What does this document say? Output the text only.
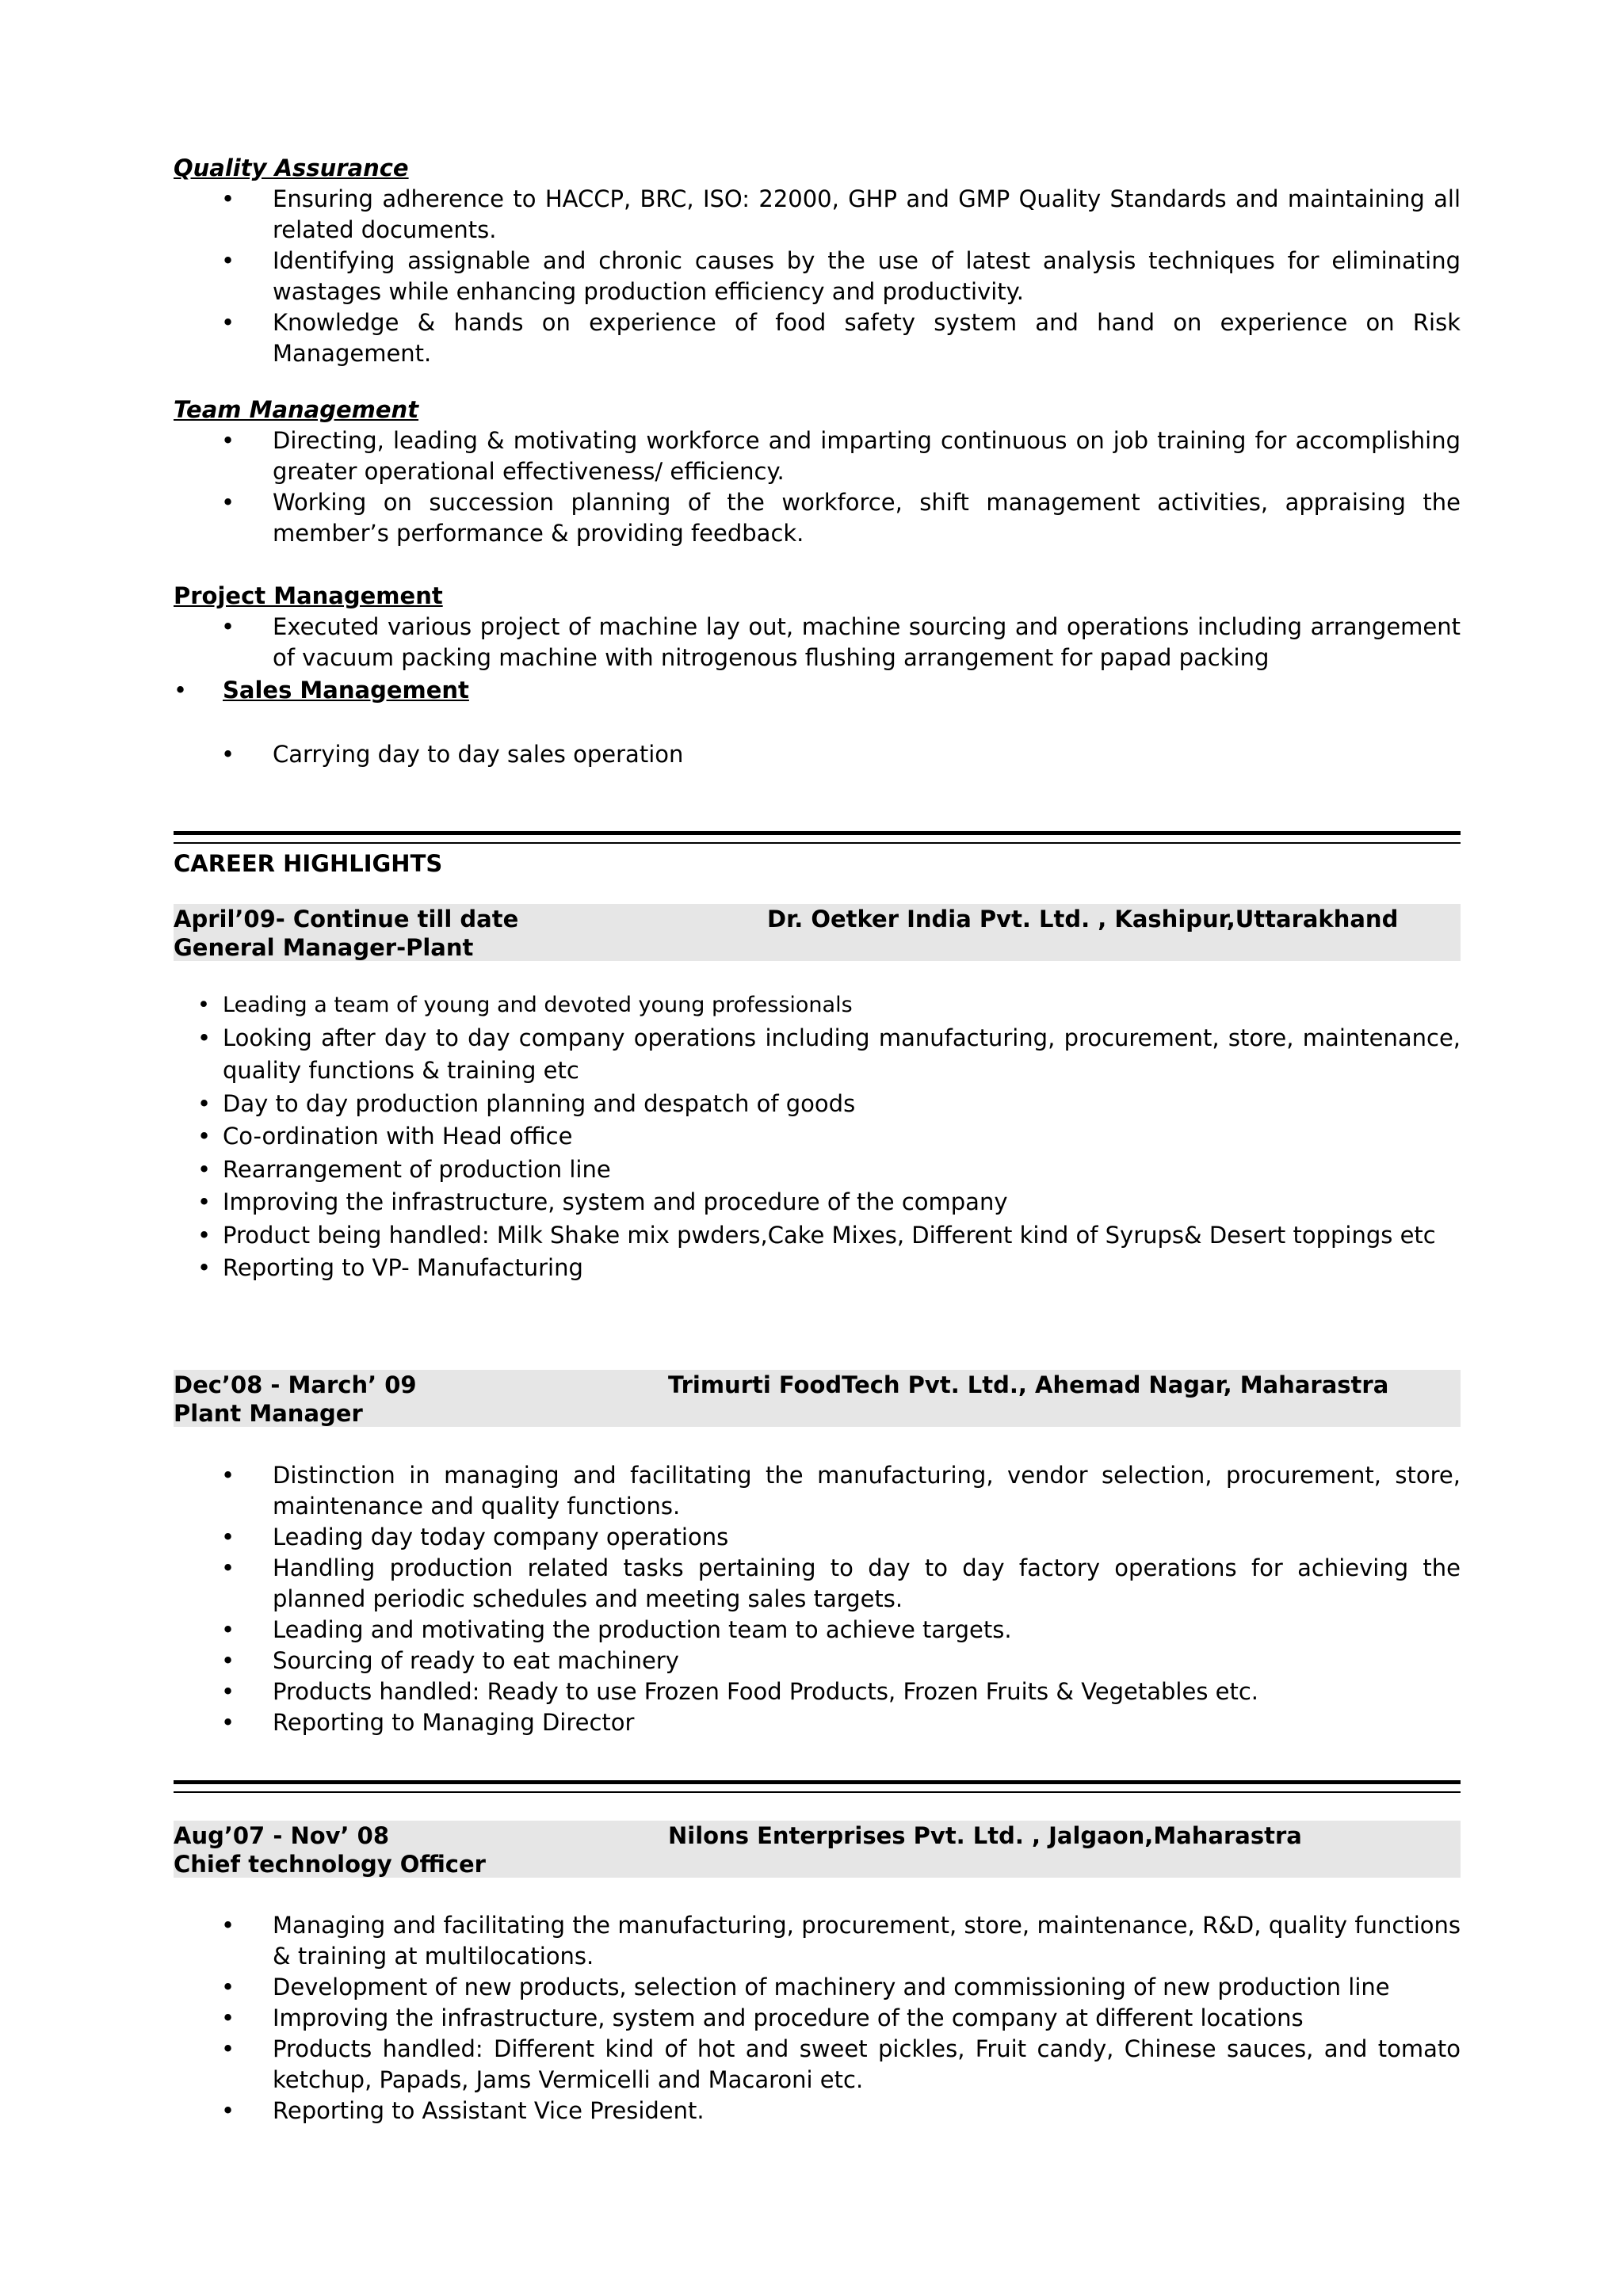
Quality Assurance
• Ensuring adherence to HACCP, BRC, ISO: 22000, GHP and GMP Quality Standards and maintaining all related documents.
• Identifying assignable and chronic causes by the use of latest analysis techniques for eliminating wastages while enhancing production efficiency and productivity.
• Knowledge & hands on experience of food safety system and hand on experience on Risk Management.
Team Management
• Directing, leading & motivating workforce and imparting continuous on job training for accomplishing greater operational effectiveness/ efficiency.
• Working on succession planning of the workforce, shift management activities, appraising the member’s performance & providing feedback.
Project Management
• Executed various project of machine lay out, machine sourcing and operations including arrangement of vacuum packing machine with nitrogenous flushing arrangement for papad packing
• Sales Management
• Carrying day to day sales operation
CAREER HIGHLIGHTS
April’09- Continue till date	Dr. Oetker India Pvt. Ltd. , Kashipur,Uttarakhand
General Manager-Plant
• Leading a team of young and devoted young professionals
• Looking after day to day company operations including manufacturing, procurement, store, maintenance, quality functions & training etc
• Day to day production planning and despatch of goods
• Co-ordination with Head office
• Rearrangement of production line
• Improving the infrastructure, system and procedure of the company
• Product being handled: Milk Shake mix pwders,Cake Mixes, Different kind of Syrups& Desert toppings etc
• Reporting to VP- Manufacturing
Dec’08 - March’ 09	Trimurti FoodTech Pvt. Ltd., Ahemad Nagar, Maharastra
Plant Manager
• Distinction in managing and facilitating the manufacturing, vendor selection, procurement, store, maintenance and quality functions.
• Leading day today company operations
• Handling production related tasks pertaining to day to day factory operations for achieving the planned periodic schedules and meeting sales targets.
• Leading and motivating the production team to achieve targets.
• Sourcing of ready to eat machinery
• Products handled: Ready to use Frozen Food Products, Frozen Fruits & Vegetables etc.
• Reporting to Managing Director
Aug’07 - Nov’ 08	Nilons Enterprises Pvt. Ltd. , Jalgaon,Maharastra
Chief technology Officer
• Managing and facilitating the manufacturing, procurement, store, maintenance, R&D, quality functions & training at multilocations.
• Development of new products, selection of machinery and commissioning of new production line
• Improving the infrastructure, system and procedure of the company at different locations
• Products handled: Different kind of hot and sweet pickles, Fruit candy, Chinese sauces, and tomato ketchup, Papads, Jams Vermicelli and Macaroni etc.
• Reporting to Assistant Vice President.
